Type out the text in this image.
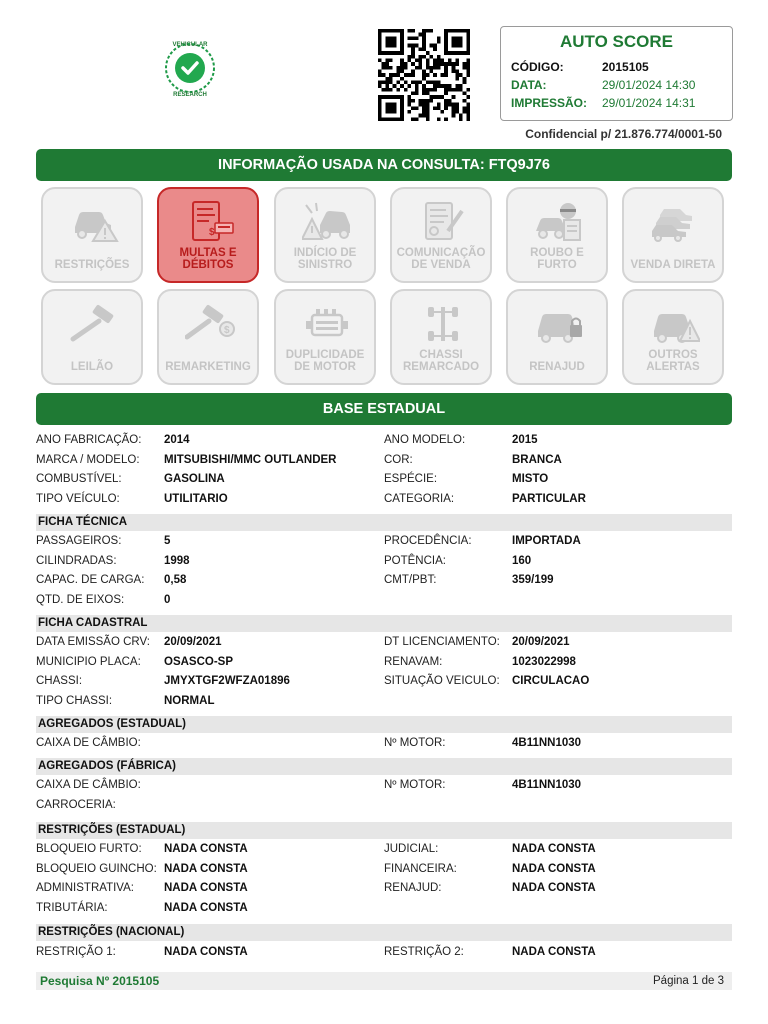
VEHICULAR
RESEARCH
AUTO SCORE
CÓDIGO:	2015105
DATA:	29/01/2024 14:30
IMPRESSÃO:	29/01/2024 14:31
Confidencial p/ 21.876.774/0001-50
INFORMAÇÃO USADA NA CONSULTA: FTQ9J76
RESTRIÇÕES
$
MULTAS E DÉBITOS
INDÍCIO DE SINISTRO
COMUNICAÇÃO DE VENDA
ROUBO E FURTO	VENDA DIRETA
LEILÃO
$
REMARKETING
DUPLICIDADE DE MOTOR
CHASSI REMARCADO	RENAJUD
OUTROS ALERTAS
BASE ESTADUAL
ANO FABRICAÇÃO: 2014	ANO MODELO:	2015
MARCA / MODELO: MITSUBISHI/MMC OUTLANDER	COR:	BRANCA
COMBUSTÍVEL:	GASOLINA	ESPÉCIE:	MISTO
TIPO VEÍCULO:	UTILITARIO	CATEGORIA:	PARTICULAR
FICHA TÉCNICA
PASSAGEIROS:	5	PROCEDÊNCIA:	IMPORTADA
CILINDRADAS:	1998	POTÊNCIA:	160
CAPAC. DE CARGA: 0,58	CMT/PBT:	359/199
QTD. DE EIXOS:	0
FICHA CADASTRAL
DATA EMISSÃO CRV: 20/09/2021	DT LICENCIAMENTO: 20/09/2021
MUNICIPIO PLACA: OSASCO-SP	RENAVAM:	1023022998
CHASSI:	JMYXTGF2WFZA01896	SITUAÇÃO VEICULO: CIRCULACAO
TIPO CHASSI:	NORMAL
AGREGADOS (ESTADUAL)
CAIXA DE CÂMBIO:	Nº MOTOR:	4B11NN1030
AGREGADOS (FÁBRICA)
CAIXA DE CÂMBIO:	Nº MOTOR:	4B11NN1030
CARROCERIA:
RESTRIÇÕES (ESTADUAL)
BLOQUEIO FURTO: NADA CONSTA	JUDICIAL:	NADA CONSTA
BLOQUEIO GUINCHO: NADA CONSTA	FINANCEIRA:	NADA CONSTA
ADMINISTRATIVA:	NADA CONSTA	RENAJUD:	NADA CONSTA
TRIBUTÁRIA:	NADA CONSTA
RESTRIÇÕES (NACIONAL)
RESTRIÇÃO 1:	NADA CONSTA	RESTRIÇÃO 2:	NADA CONSTA
Pesquisa Nº 2015105	Página 1 de 3
